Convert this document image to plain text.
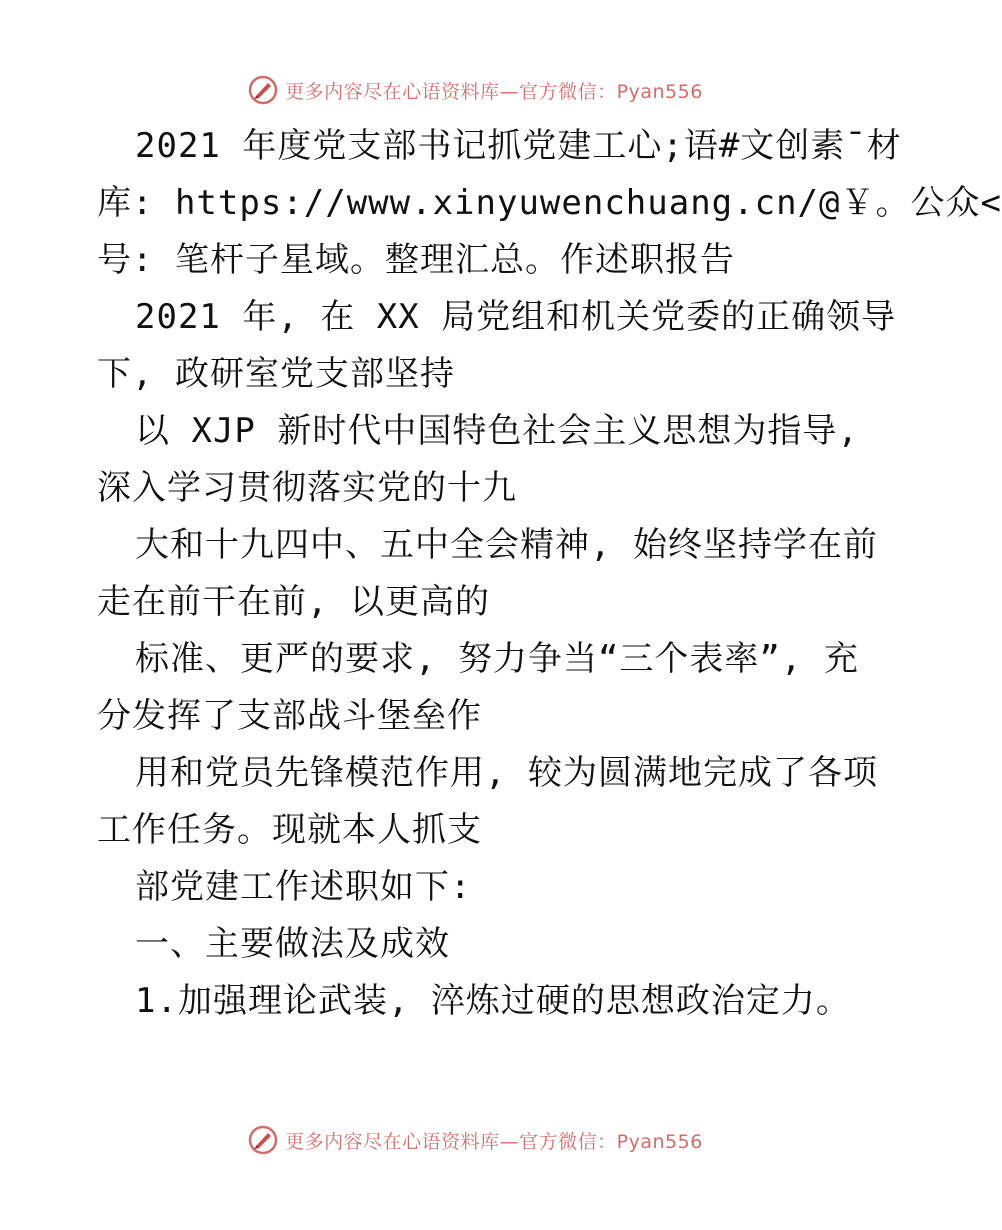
更多内容尽在心语资料库—官方微信：Pyan556

2021 年度党支部书记抓党建工心;语#文创素¯材
库: https://www.xinyuwenchuang.cn/@￥。公众<
号: 笔杆子星域。整理汇总。作述职报告

2021 年, 在 XX 局党组和机关党委的正确领导
下, 政研室党支部坚持

以 XJP 新时代中国特色社会主义思想为指导,
深入学习贯彻落实党的十九

大和十九四中、五中全会精神, 始终坚持学在前
走在前干在前, 以更高的

标准、更严的要求, 努力争当“三个表率”, 充
分发挥了支部战斗堡垒作

用和党员先锋模范作用, 较为圆满地完成了各项
工作任务。现就本人抓支

部党建工作述职如下:

一、主要做法及成效

1.加强理论武装, 淬炼过硬的思想政治定力。

更多内容尽在心语资料库—官方微信：Pyan556
